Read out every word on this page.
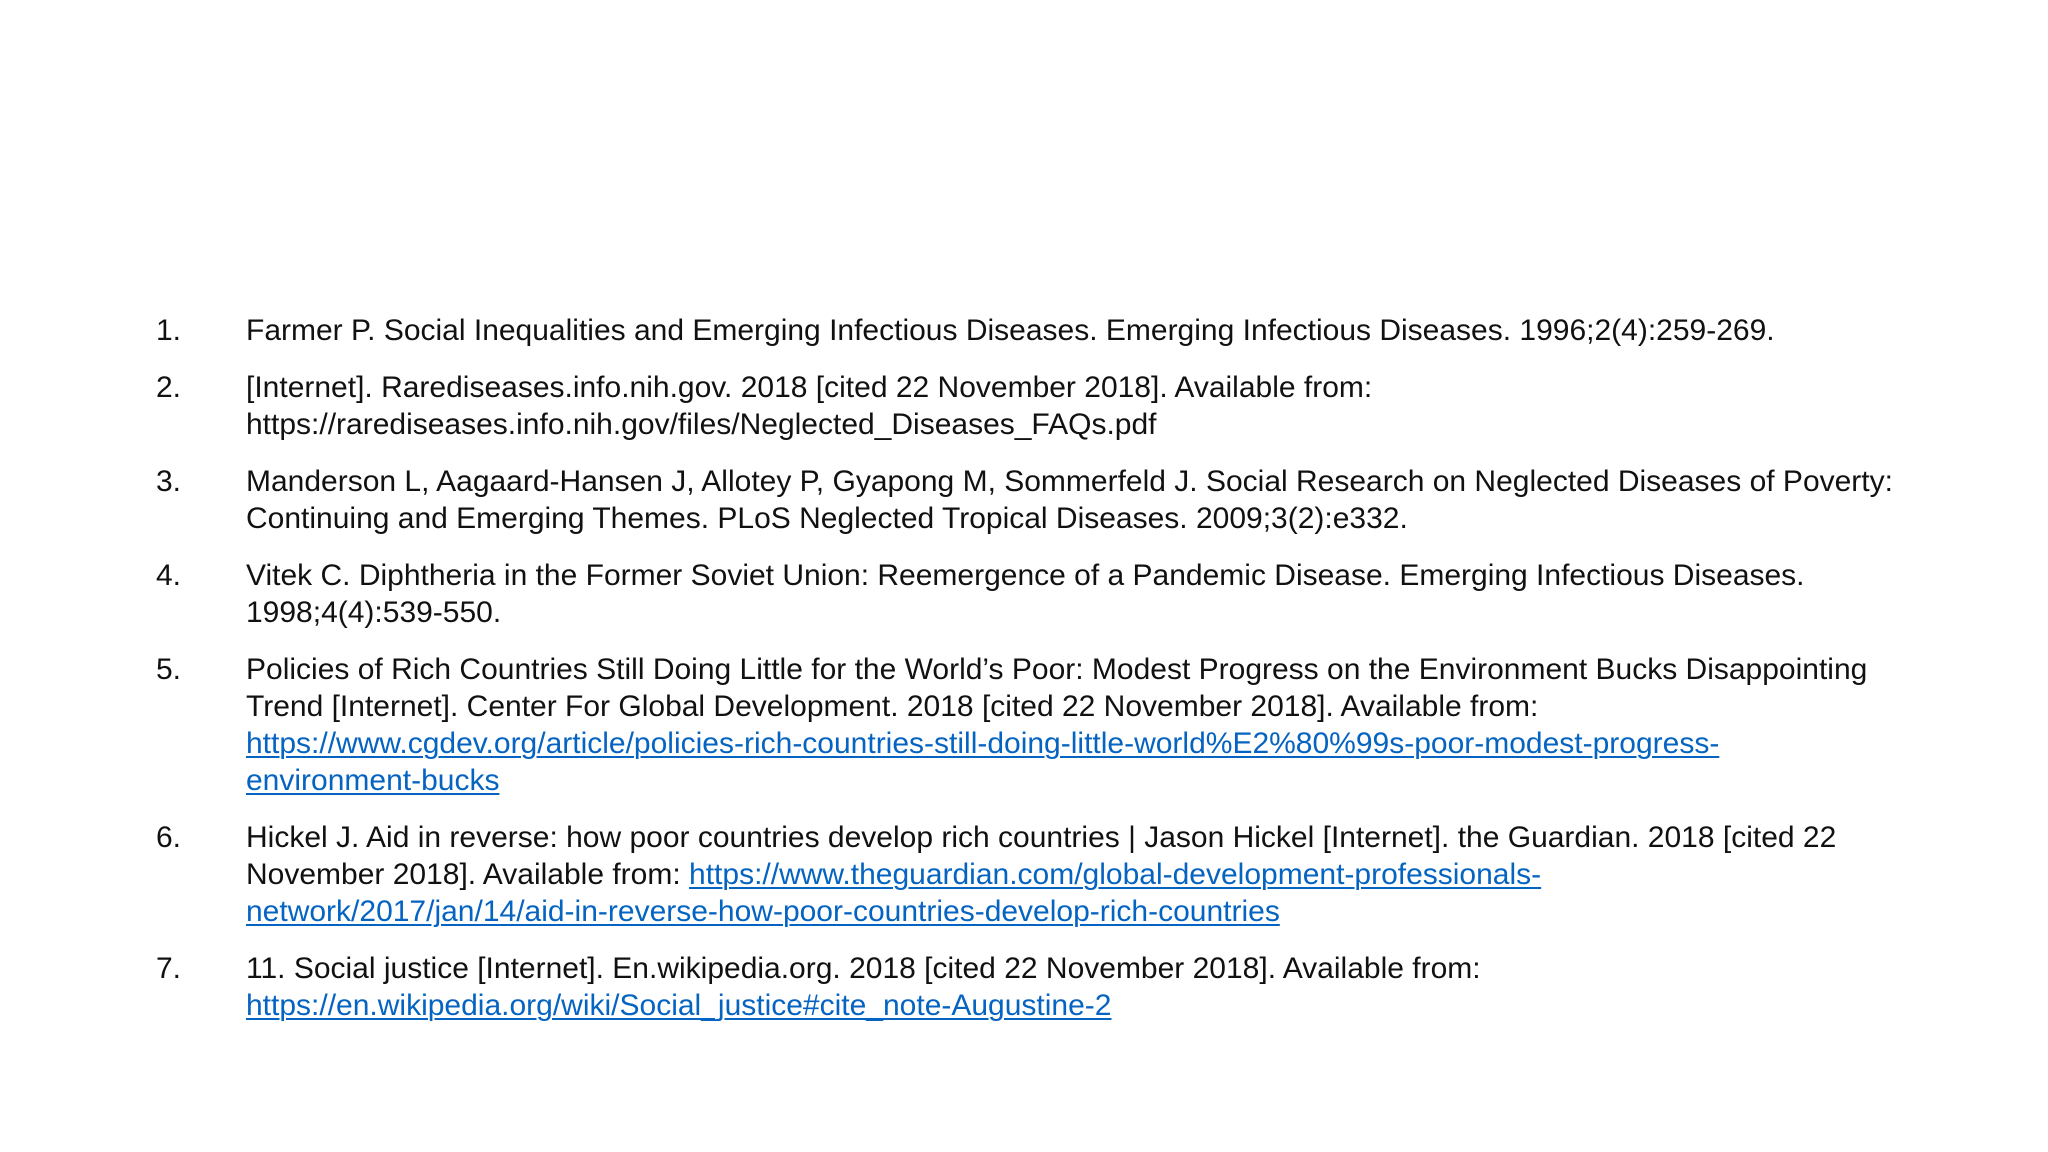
1.	Farmer P. Social Inequalities and Emerging Infectious Diseases. Emerging Infectious Diseases. 1996;2(4):259-269.
2.	[Internet]. Rarediseases.info.nih.gov. 2018 [cited 22 November 2018]. Available from:
https://rarediseases.info.nih.gov/files/Neglected_Diseases_FAQs.pdf
3.	Manderson L, Aagaard-Hansen J, Allotey P, Gyapong M, Sommerfeld J. Social Research on Neglected Diseases of Poverty: Continuing and Emerging Themes. PLoS Neglected Tropical Diseases. 2009;3(2):e332.
4.	Vitek C. Diphtheria in the Former Soviet Union: Reemergence of a Pandemic Disease. Emerging Infectious Diseases. 1998;4(4):539-550.
5.	Policies of Rich Countries Still Doing Little for the World’s Poor: Modest Progress on the Environment Bucks Disappointing Trend [Internet]. Center For Global Development. 2018 [cited 22 November 2018]. Available from:
https://www.cgdev.org/article/policies-rich-countries-still-doing-little-world%E2%80%99s-poor-modest-progress-
environment-bucks
6.	Hickel J. Aid in reverse: how poor countries develop rich countries | Jason Hickel [Internet]. the Guardian. 2018 [cited 22 November 2018]. Available from: https://www.theguardian.com/global-development-professionals-
network/2017/jan/14/aid-in-reverse-how-poor-countries-develop-rich-countries
7.	11. Social justice [Internet]. En.wikipedia.org. 2018 [cited 22 November 2018]. Available from:
https://en.wikipedia.org/wiki/Social_justice#cite_note-Augustine-2
